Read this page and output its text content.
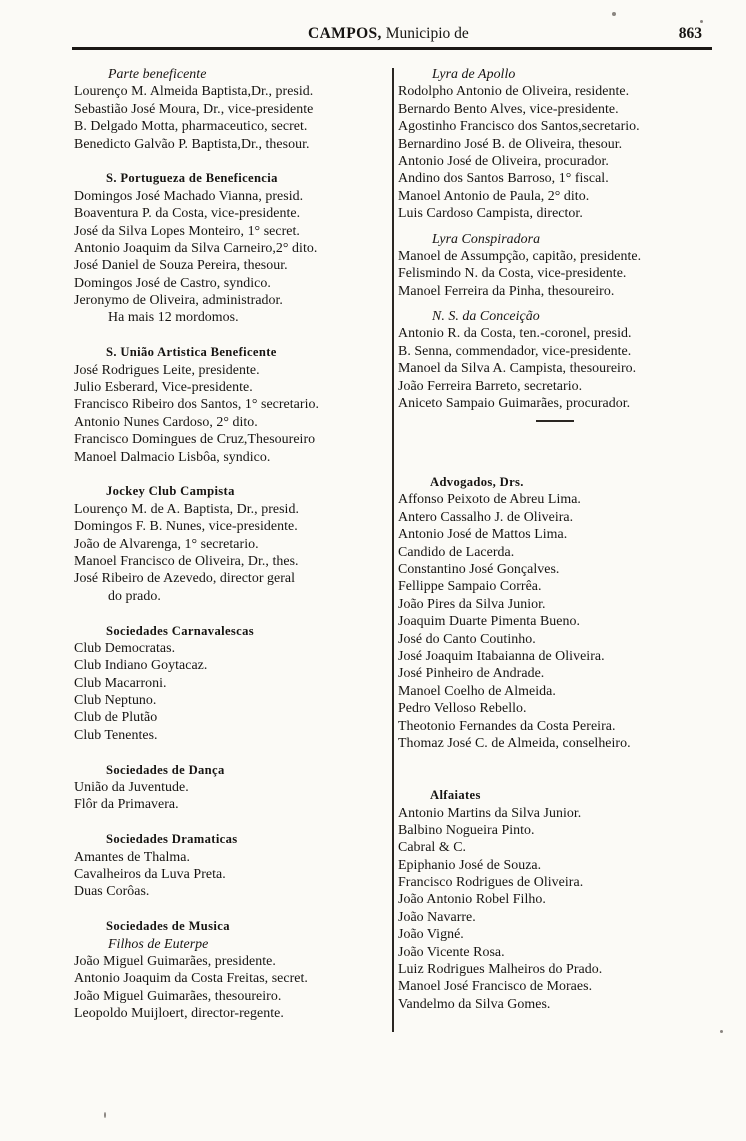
CAMPOS, Municipio de	863
Parte beneficente
Lourenço M. Almeida Baptista,Dr., presid.
Sebastião José Moura, Dr., vice-presidente
B. Delgado Motta, pharmaceutico, secret.
Benedicto Galvão P. Baptista,Dr., thesour.
S. Portugueza de Beneficencia
Domingos José Machado Vianna, presid.
Boaventura P. da Costa, vice-presidente.
José da Silva Lopes Monteiro, 1° secret.
Antonio Joaquim da Silva Carneiro,2° dito.
José Daniel de Souza Pereira, thesour.
Domingos José de Castro, syndico.
Jeronymo de Oliveira, administrador.
Ha mais 12 mordomos.
S. União Artistica Beneficente
José Rodrigues Leite, presidente.
Julio Esberard, Vice-presidente.
Francisco Ribeiro dos Santos, 1° secretario.
Antonio Nunes Cardoso, 2° dito.
Francisco Domingues de Cruz,Thesoureiro
Manoel Dalmacio Lisbôa, syndico.
Jockey Club Campista
Lourenço M. de A. Baptista, Dr., presid.
Domingos F. B. Nunes, vice-presidente.
João de Alvarenga, 1° secretario.
Manoel Francisco de Oliveira, Dr., thes.
José Ribeiro de Azevedo, director geral
do prado.
Sociedades Carnavalescas
Club Democratas.
Club Indiano Goytacaz.
Club Macarroni.
Club Neptuno.
Club de Plutão
Club Tenentes.
Sociedades de Dança
União da Juventude.
Flôr da Primavera.
Sociedades Dramaticas
Amantes de Thalma.
Cavalheiros da Luva Preta.
Duas Corôas.
Sociedades de Musica
Filhos de Euterpe
João Miguel Guimarães, presidente.
Antonio Joaquim da Costa Freitas, secret.
João Miguel Guimarães, thesoureiro.
Leopoldo Muijloert, director-regente.
Lyra de Apollo
Rodolpho Antonio de Oliveira, residente.
Bernardo Bento Alves, vice-presidente.
Agostinho Francisco dos Santos,secretario.
Bernardino José B. de Oliveira, thesour.
Antonio José de Oliveira, procurador.
Andino dos Santos Barroso, 1° fiscal.
Manoel Antonio de Paula, 2° dito.
Luis Cardoso Campista, director.
Lyra Conspiradora
Manoel de Assumpção, capitão, presidente.
Felismindo N. da Costa, vice-presidente.
Manoel Ferreira da Pinha, thesoureiro.
N. S. da Conceição
Antonio R. da Costa, ten.-coronel, presid.
B. Senna, commendador, vice-presidente.
Manoel da Silva A. Campista, thesoureiro.
João Ferreira Barreto, secretario.
Aniceto Sampaio Guimarães, procurador.
Advogados, Drs.
Affonso Peixoto de Abreu Lima.
Antero Cassalho J. de Oliveira.
Antonio José de Mattos Lima.
Candido de Lacerda.
Constantino José Gonçalves.
Fellippe Sampaio Corrêa.
João Pires da Silva Junior.
Joaquim Duarte Pimenta Bueno.
José do Canto Coutinho.
José Joaquim Itabaianna de Oliveira.
José Pinheiro de Andrade.
Manoel Coelho de Almeida.
Pedro Velloso Rebello.
Theotonio Fernandes da Costa Pereira.
Thomaz José C. de Almeida, conselheiro.
Alfaiates
Antonio Martins da Silva Junior.
Balbino Nogueira Pinto.
Cabral & C.
Epiphanio José de Souza.
Francisco Rodrigues de Oliveira.
João Antonio Robel Filho.
João Navarre.
João Vigné.
João Vicente Rosa.
Luiz Rodrigues Malheiros do Prado.
Manoel José Francisco de Moraes.
Vandelmo da Silva Gomes.
